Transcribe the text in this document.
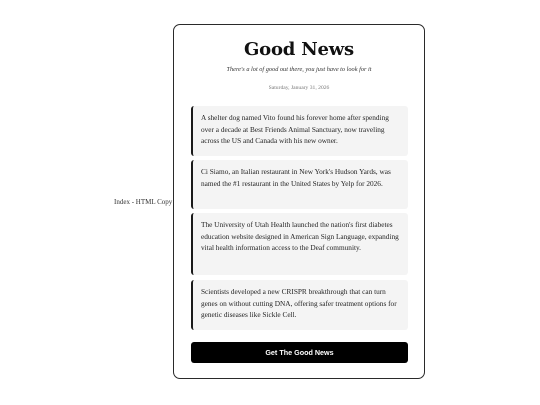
Index - HTML Copy
Good News
There's a lot of good out there, you just have to look for it
Saturday, January 31, 2026
A shelter dog named Vito found his forever home after spending over a decade at Best Friends Animal Sanctuary, now traveling across the US and Canada with his new owner.
Ci Siamo, an Italian restaurant in New York's Hudson Yards, was named the #1 restaurant in the United States by Yelp for 2026.
The University of Utah Health launched the nation's first diabetes education website designed in American Sign Language, expanding vital health information access to the Deaf community.
Scientists developed a new CRISPR breakthrough that can turn genes on without cutting DNA, offering safer treatment options for genetic diseases like Sickle Cell.
Get The Good News
